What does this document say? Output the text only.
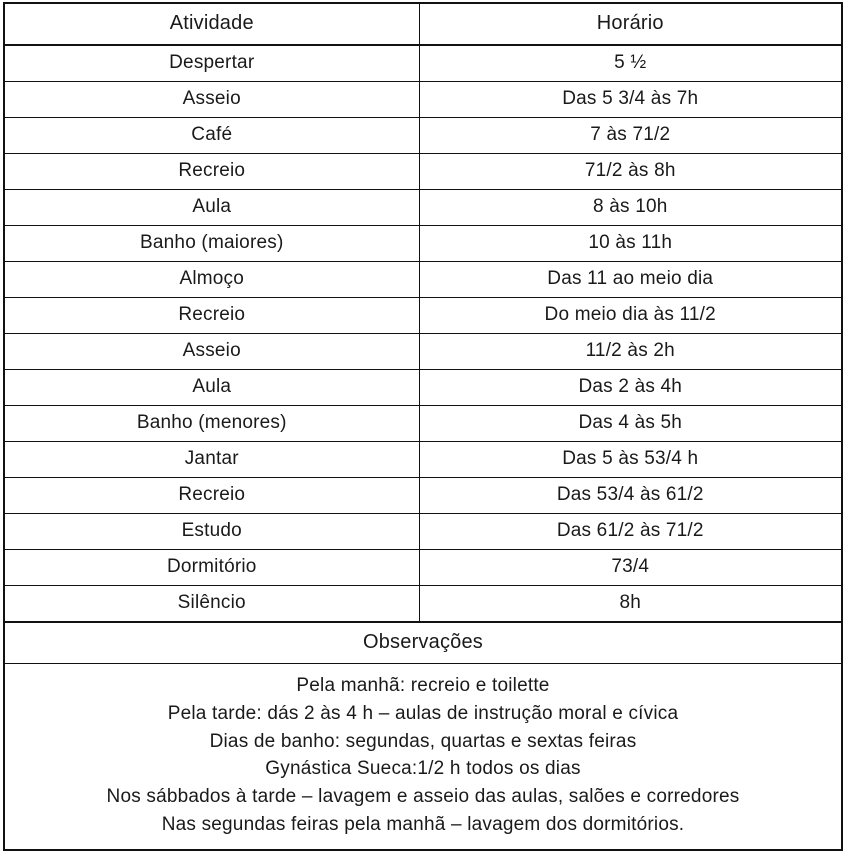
Atividade	Horário
Despertar	5 ½
Asseio	Das 5 3/4 às 7h
Café	7 às 71/2
Recreio	71/2 às 8h
Aula	8 às 10h
Banho (maiores)	10 às 11h
Almoço	Das 11 ao meio dia
Recreio	Do meio dia às 11/2
Asseio	11/2 às 2h
Aula	Das 2 às 4h
Banho (menores)	Das 4 às 5h
Jantar	Das 5 às 53/4 h
Recreio	Das 53/4 às 61/2
Estudo	Das 61/2 às 71/2
Dormitório	73/4
Silêncio	8h
Observações	

Pela manhã: recreio e toilette
Pela tarde: dás 2 às 4 h – aulas de instrução moral e cívica
Dias de banho: segundas, quartas e sextas feiras
Gynástica Sueca:1/2 h todos os dias
Nos sábbados à tarde – lavagem e asseio das aulas, salões e corredores
Nas segundas feiras pela manhã – lavagem dos dormitórios.
